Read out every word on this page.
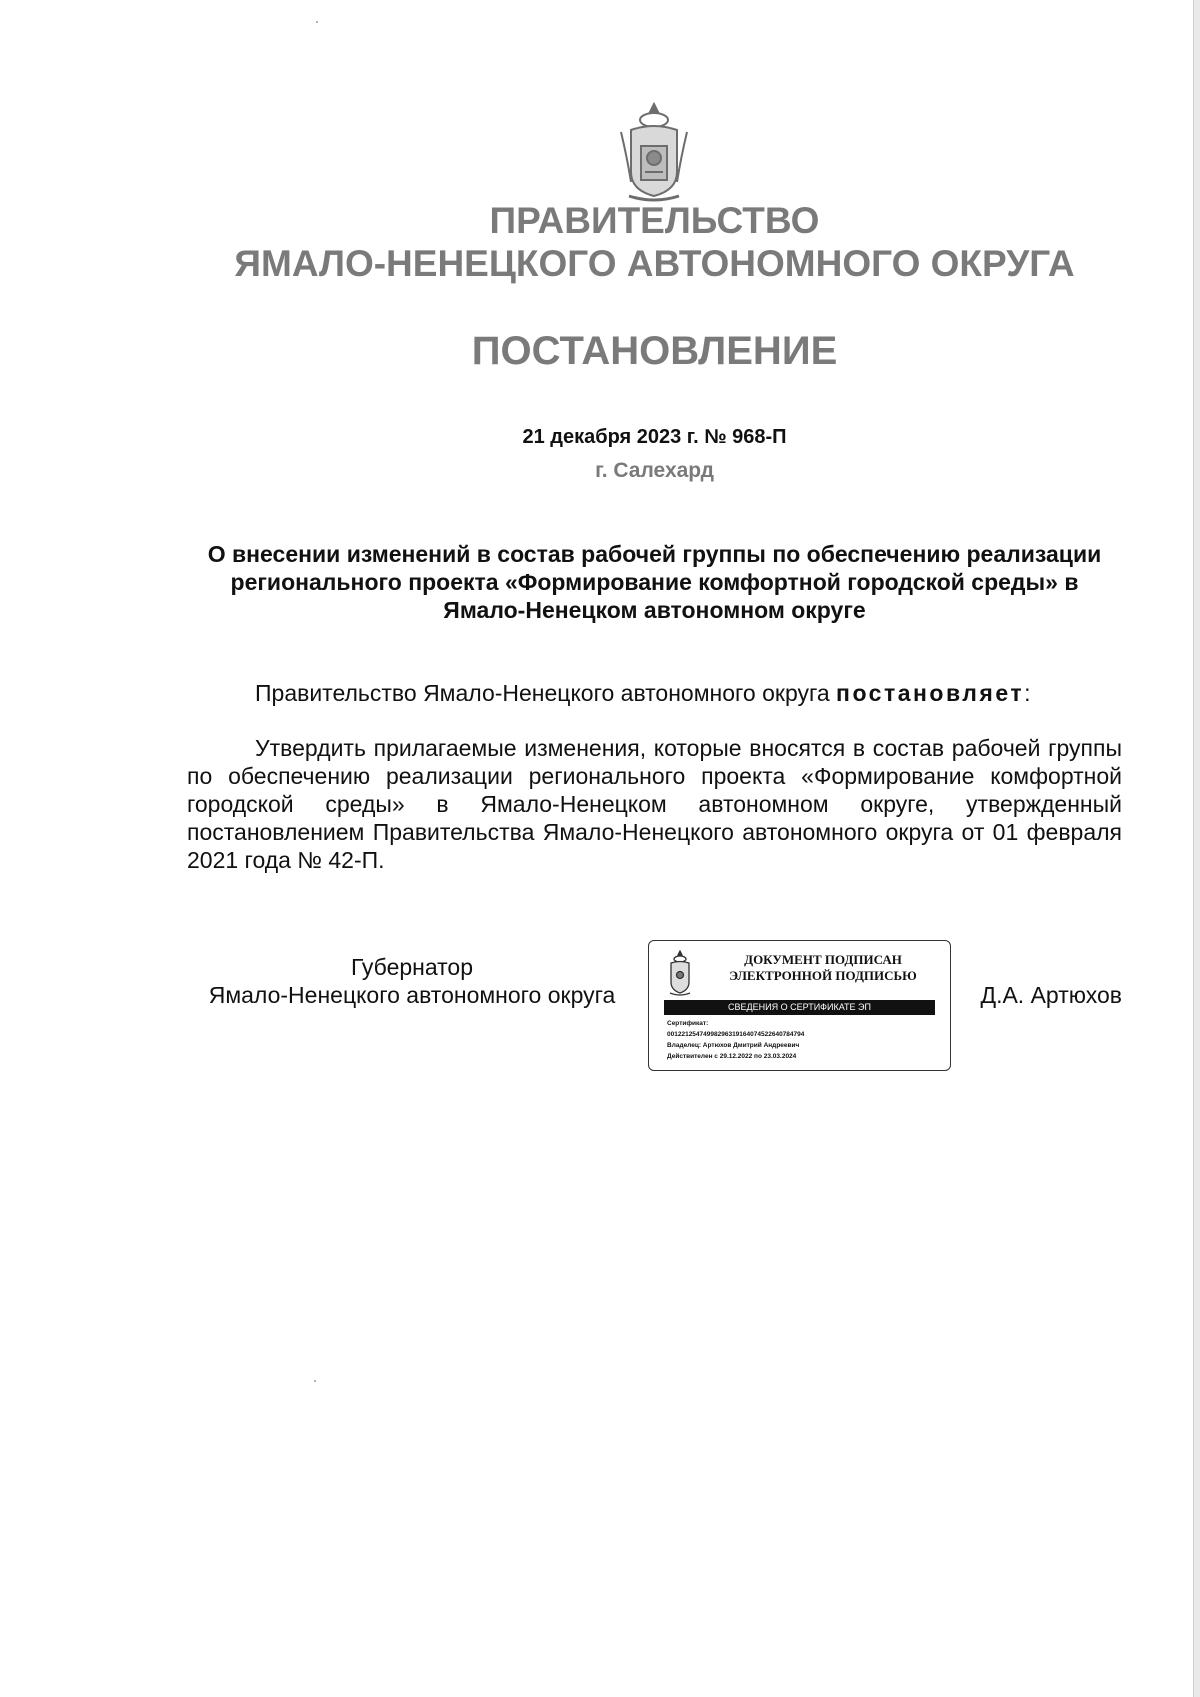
ПРАВИТЕЛЬСТВО
ЯМАЛО-НЕНЕЦКОГО АВТОНОМНОГО ОКРУГА
ПОСТАНОВЛЕНИЕ
21 декабря 2023 г. № 968-П
г. Салехард
О внесении изменений в состав рабочей группы по обеспечению реализации регионального проекта «Формирование комфортной городской среды» в Ямало-Ненецком автономном округе
Правительство Ямало-Ненецкого автономного округа постановляет:
Утвердить прилагаемые изменения, которые вносятся в состав рабочей группы по обеспечению реализации регионального проекта «Формирование комфортной городской среды» в Ямало-Ненецком автономном округе, утвержденный постановлением Правительства Ямало-Ненецкого автономного округа от 01 февраля 2021 года № 42-П.
Губернатор
Ямало-Ненецкого автономного округа
ДОКУМЕНТ ПОДПИСАН
ЭЛЕКТРОННОЙ ПОДПИСЬЮ
СВЕДЕНИЯ О СЕРТИФИКАТЕ ЭП
Сертификат:
00122125474998296319164074522640784794
Владелец: Артюхов Дмитрий Андреевич
Действителен с 29.12.2022 по 23.03.2024
Д.А. Артюхов
